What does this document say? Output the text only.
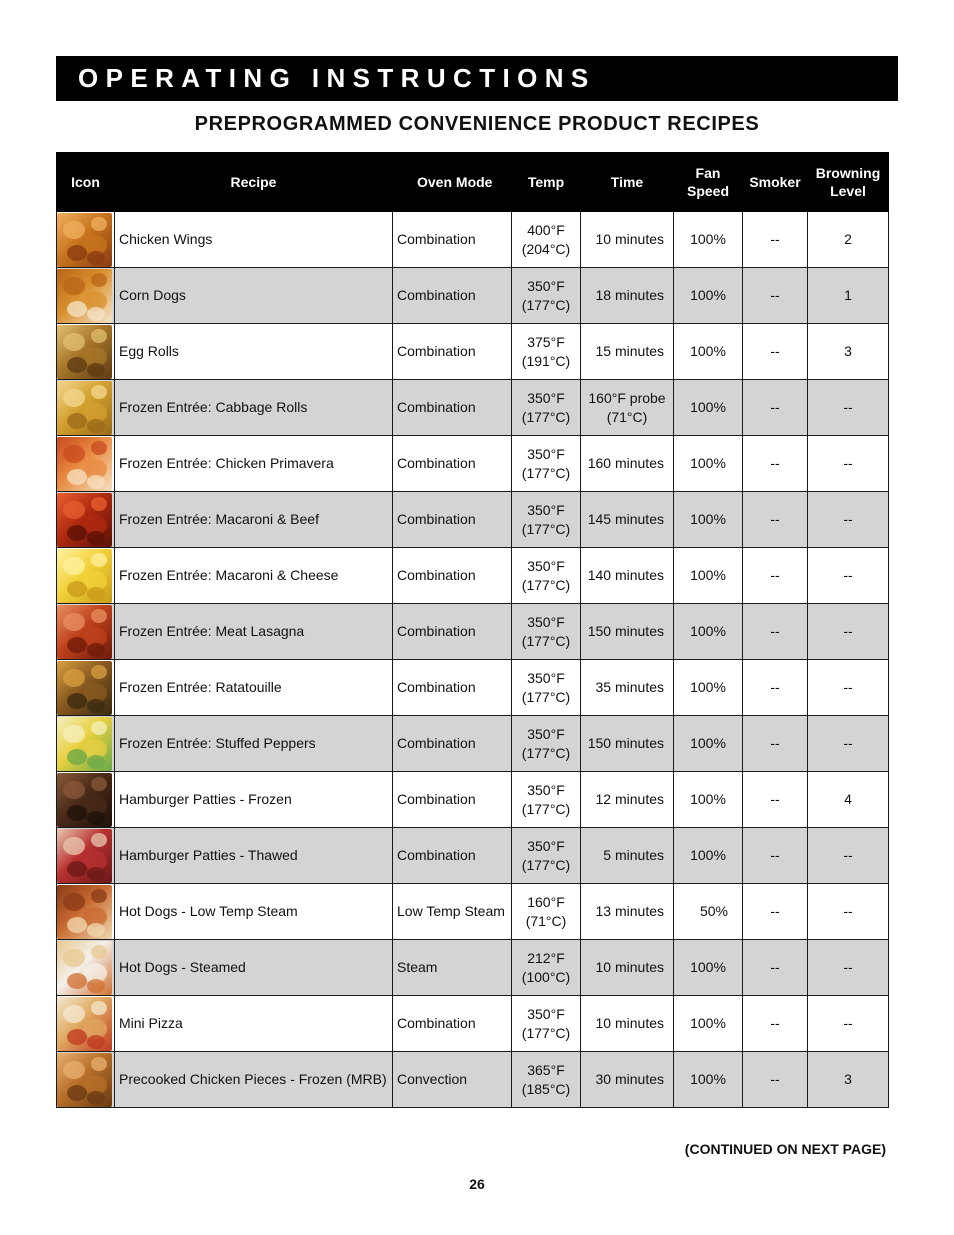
OPERATING INSTRUCTIONS
PREPROGRAMMED CONVENIENCE PRODUCT RECIPES
Icon	Recipe	Oven Mode	Temp	Time	Fan
Speed	Smoker	Browning
Level

	Chicken Wings	Combination	400°F
(204°C)	10 minutes	100%	--	2

	Corn Dogs	Combination	350°F
(177°C)	18 minutes	100%	--	1

	Egg Rolls	Combination	375°F
(191°C)	15 minutes	100%	--	3

	Frozen Entrée: Cabbage Rolls	Combination	350°F
(177°C)	160°F probe
(71°C)	100%	--	--

	Frozen Entrée: Chicken Primavera	Combination	350°F
(177°C)	160 minutes	100%	--	--

	Frozen Entrée: Macaroni & Beef	Combination	350°F
(177°C)	145 minutes	100%	--	--

	Frozen Entrée: Macaroni & Cheese	Combination	350°F
(177°C)	140 minutes	100%	--	--

	Frozen Entrée: Meat Lasagna	Combination	350°F
(177°C)	150 minutes	100%	--	--

	Frozen Entrée: Ratatouille	Combination	350°F
(177°C)	35 minutes	100%	--	--

	Frozen Entrée: Stuffed Peppers	Combination	350°F
(177°C)	150 minutes	100%	--	--

	Hamburger Patties - Frozen	Combination	350°F
(177°C)	12 minutes	100%	--	4

	Hamburger Patties - Thawed	Combination	350°F
(177°C)	5 minutes	100%	--	--

	Hot Dogs - Low Temp Steam	Low Temp Steam	160°F
(71°C)	13 minutes	50%	--	--

	Hot Dogs - Steamed	Steam	212°F
(100°C)	10 minutes	100%	--	--

	Mini Pizza	Combination	350°F
(177°C)	10 minutes	100%	--	--

	Precooked Chicken Pieces - Frozen (MRB)	Convection	365°F
(185°C)	30 minutes	100%	--	3
(CONTINUED ON NEXT PAGE)
26
